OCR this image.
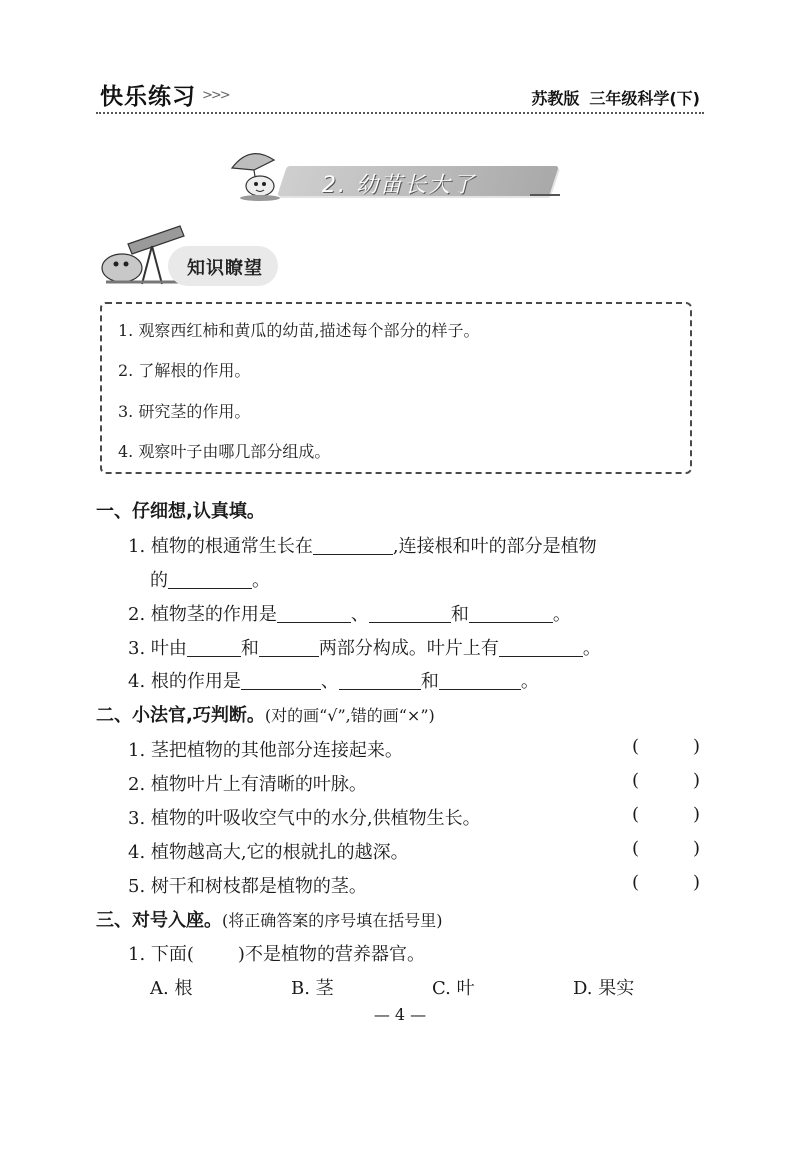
快乐练习 >>>	苏教版 三年级科学(下)
2. 幼苗长大了
知识瞭望
1. 观察西红柿和黄瓜的幼苗,描述每个部分的样子。
2. 了解根的作用。
3. 研究茎的作用。
4. 观察叶子由哪几部分组成。
一、仔细想,认真填。
1. 植物的根通常生长在	,连接根和叶的部分是植物
的	。
2. 植物茎的作用是	、	和	。
3. 叶由	和	两部分构成。叶片上有	。
4. 根的作用是	、	和	。
二、小法官,巧判断。(对的画“√”,错的画“×”)
1. 茎把植物的其他部分连接起来。	(	)
2. 植物叶片上有清晰的叶脉。	(	)
3. 植物的叶吸收空气中的水分,供植物生长。	(	)
4. 植物越高大,它的根就扎的越深。	(	)
5. 树干和树枝都是植物的茎。	(	)
三、对号入座。(将正确答案的序号填在括号里)
1. 下面( )不是植物的营养器官。
A. 根	B. 茎	C. 叶	D. 果实
— 4 —
